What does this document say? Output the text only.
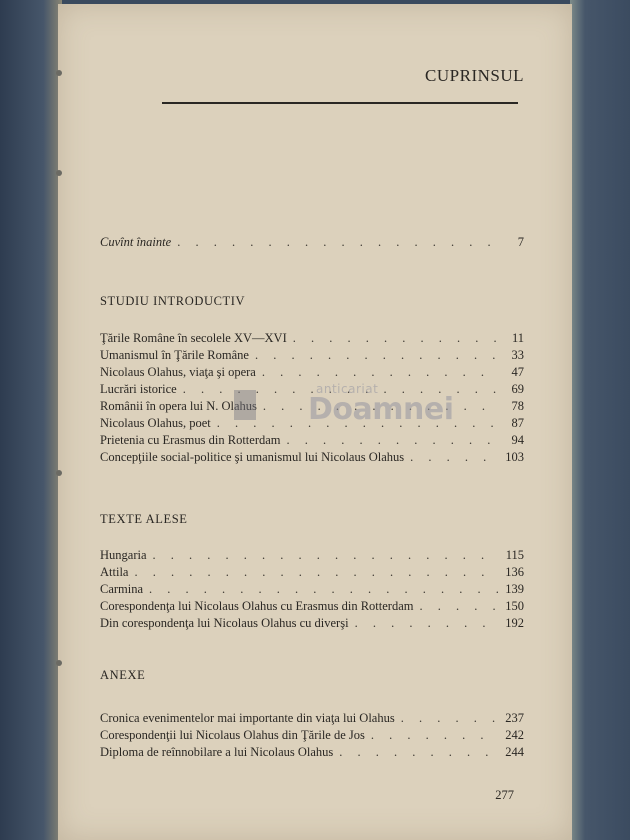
CUPRINSUL
Cuvînt înainte . . .	7
STUDIU INTRODUCTIV
Ţările Române în secolele XV—XVI . . .	11
Umanismul în Ţările Române . . .	33
Nicolaus Olahus, viaţa şi opera . . .	47
Lucrări istorice . . .	69
Românii în opera lui N. Olahus . . .	78
Nicolaus Olahus, poet . . .	87
Prietenia cu Erasmus din Rotterdam . . .	94
Concepţiile social-politice şi umanismul lui Nicolaus Olahus . . .	103
TEXTE ALESE
Hungaria . . .	115
Attila . . .	136
Carmina . . .	139
Corespondenţa lui Nicolaus Olahus cu Erasmus din Rotterdam . . .	150
Din corespondenţa lui Nicolaus Olahus cu diverşi . . .	192
ANEXE
Cronica evenimentelor mai importante din viaţa lui Olahus . . .	237
Corespondenţii lui Nicolaus Olahus din Ţările de Jos . . .	242
Diploma de reînnobilare a lui Nicolaus Olahus . . .	244
anticariat
Doamnei
277
